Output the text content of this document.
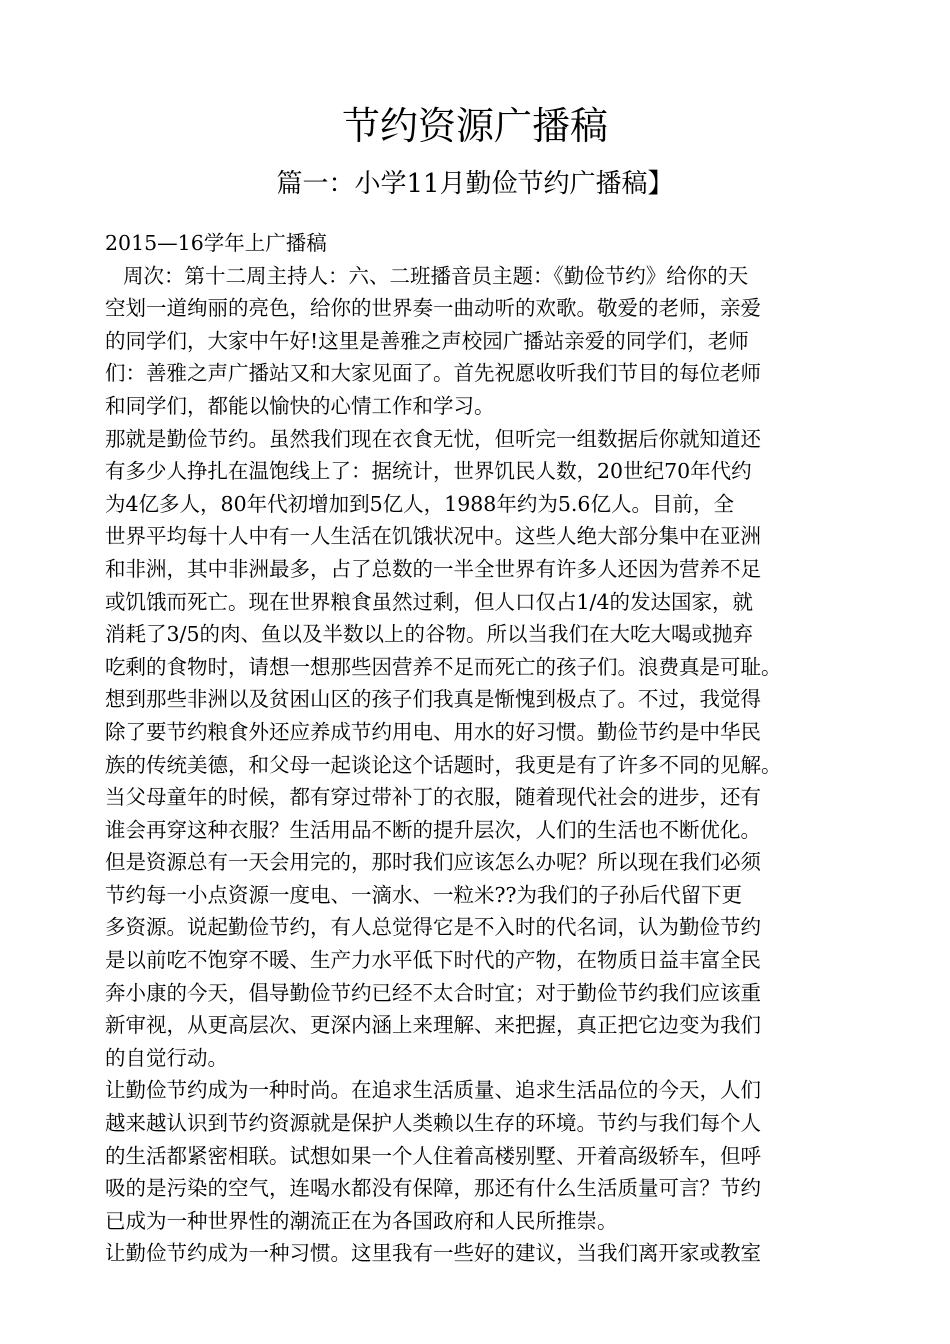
节约资源广播稿
篇一：小学11月勤俭节约广播稿】
2015—16学年上广播稿
周次：第十二周主持人：六、二班播音员主题：《勤俭节约》给你的天
空划一道绚丽的亮色，给你的世界奏一曲动听的欢歌。敬爱的老师，亲爱
的同学们，大家中午好!这里是善雅之声校园广播站亲爱的同学们，老师
们：善雅之声广播站又和大家见面了。首先祝愿收听我们节目的每位老师
和同学们，都能以愉快的心情工作和学习。
那就是勤俭节约。虽然我们现在衣食无忧，但听完一组数据后你就知道还
有多少人挣扎在温饱线上了：据统计，世界饥民人数，20世纪70年代约
为4亿多人，80年代初增加到5亿人，1988年约为5.6亿人。目前，全
世界平均每十人中有一人生活在饥饿状况中。这些人绝大部分集中在亚洲
和非洲，其中非洲最多，占了总数的一半全世界有许多人还因为营养不足
或饥饿而死亡。现在世界粮食虽然过剩，但人口仅占1/4的发达国家，就
消耗了3/5的肉、鱼以及半数以上的谷物。所以当我们在大吃大喝或抛弃
吃剩的食物时，请想一想那些因营养不足而死亡的孩子们。浪费真是可耻。
想到那些非洲以及贫困山区的孩子们我真是惭愧到极点了。不过，我觉得
除了要节约粮食外还应养成节约用电、用水的好习惯。勤俭节约是中华民
族的传统美德，和父母一起谈论这个话题时，我更是有了许多不同的见解。
当父母童年的时候，都有穿过带补丁的衣服，随着现代社会的进步，还有
谁会再穿这种衣服？生活用品不断的提升层次，人们的生活也不断优化。
但是资源总有一天会用完的，那时我们应该怎么办呢？所以现在我们必须
节约每一小点资源一度电、一滴水、一粒米??为我们的子孙后代留下更
多资源。说起勤俭节约，有人总觉得它是不入时的代名词，认为勤俭节约
是以前吃不饱穿不暖、生产力水平低下时代的产物，在物质日益丰富全民
奔小康的今天，倡导勤俭节约已经不太合时宜；对于勤俭节约我们应该重
新审视，从更高层次、更深内涵上来理解、来把握，真正把它边变为我们
的自觉行动。
让勤俭节约成为一种时尚。在追求生活质量、追求生活品位的今天，人们
越来越认识到节约资源就是保护人类赖以生存的环境。节约与我们每个人
的生活都紧密相联。试想如果一个人住着高楼别墅、开着高级轿车，但呼
吸的是污染的空气，连喝水都没有保障，那还有什么生活质量可言？节约
已成为一种世界性的潮流正在为各国政府和人民所推崇。
让勤俭节约成为一种习惯。这里我有一些好的建议，当我们离开家或教室
